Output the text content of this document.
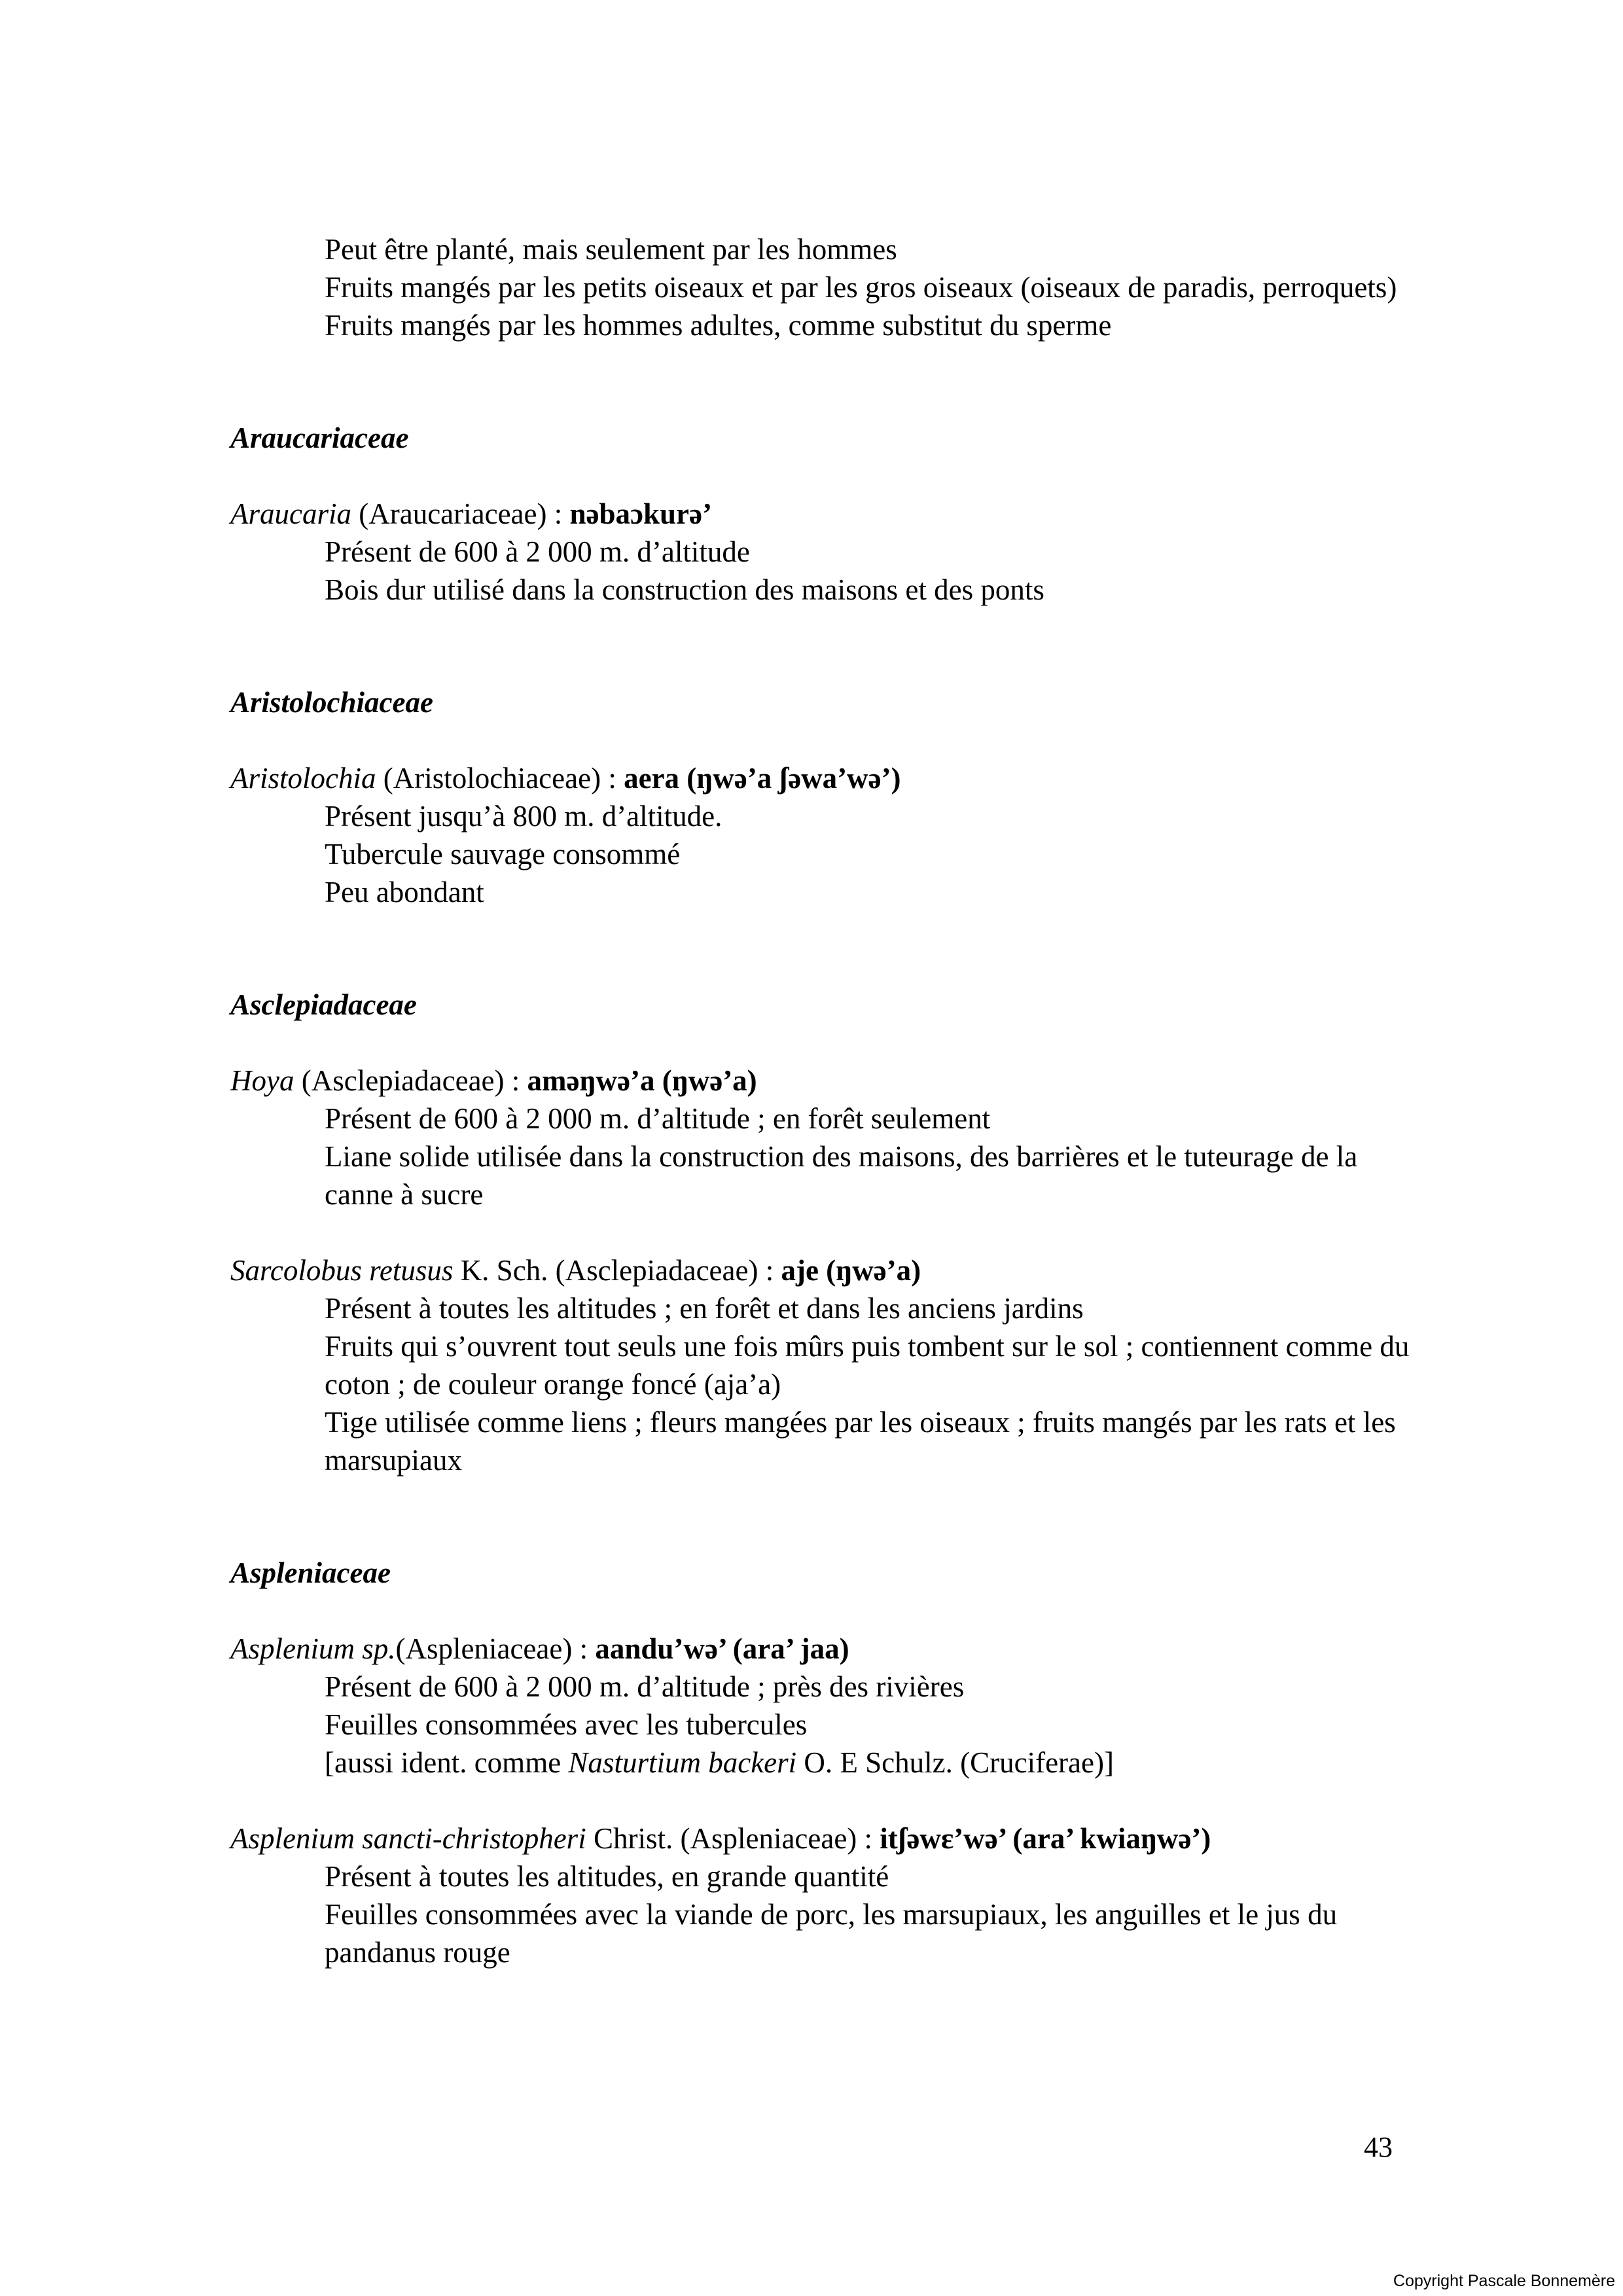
Peut être planté, mais seulement par les hommes
Fruits mangés par les petits oiseaux et par les gros oiseaux (oiseaux de paradis, perroquets)
Fruits mangés par les hommes adultes, comme substitut du sperme
Araucariaceae
Araucaria (Araucariaceae) : nəbaɔkurə’
Présent de 600 à 2 000 m. d’altitude
Bois dur utilisé dans la construction des maisons et des ponts
Aristolochiaceae
Aristolochia (Aristolochiaceae) : aera (ŋwə’a ʃəwa’wə’)
Présent jusqu’à 800 m. d’altitude.
Tubercule sauvage consommé
Peu abondant
Asclepiadaceae
Hoya (Asclepiadaceae) : aməŋwə’a (ŋwə’a)
Présent de 600 à 2 000 m. d’altitude ; en forêt seulement
Liane solide utilisée dans la construction des maisons, des barrières et le tuteurage de la canne à sucre
Sarcolobus retusus K. Sch. (Asclepiadaceae) : aje (ŋwə’a)
Présent à toutes les altitudes ; en forêt et dans les anciens jardins
Fruits qui s’ouvrent tout seuls une fois mûrs puis tombent sur le sol ; contiennent comme du coton ; de couleur orange foncé (aja’a)
Tige utilisée comme liens ; fleurs mangées par les oiseaux ; fruits mangés par les rats et les marsupiaux
Aspleniaceae
Asplenium sp.(Aspleniaceae) : aandu’wə’ (ara’ jaa)
Présent de 600 à 2 000 m. d’altitude ; près des rivières
Feuilles consommées avec les tubercules
[aussi ident. comme Nasturtium backeri O. E Schulz. (Cruciferae)]
Asplenium sancti-christopheri Christ. (Aspleniaceae) : itʃəwɛ’wə’ (ara’ kwiaŋwə’)
Présent à toutes les altitudes, en grande quantité
Feuilles consommées avec la viande de porc, les marsupiaux, les anguilles et le jus du pandanus rouge
43
Copyright Pascale Bonnemère
